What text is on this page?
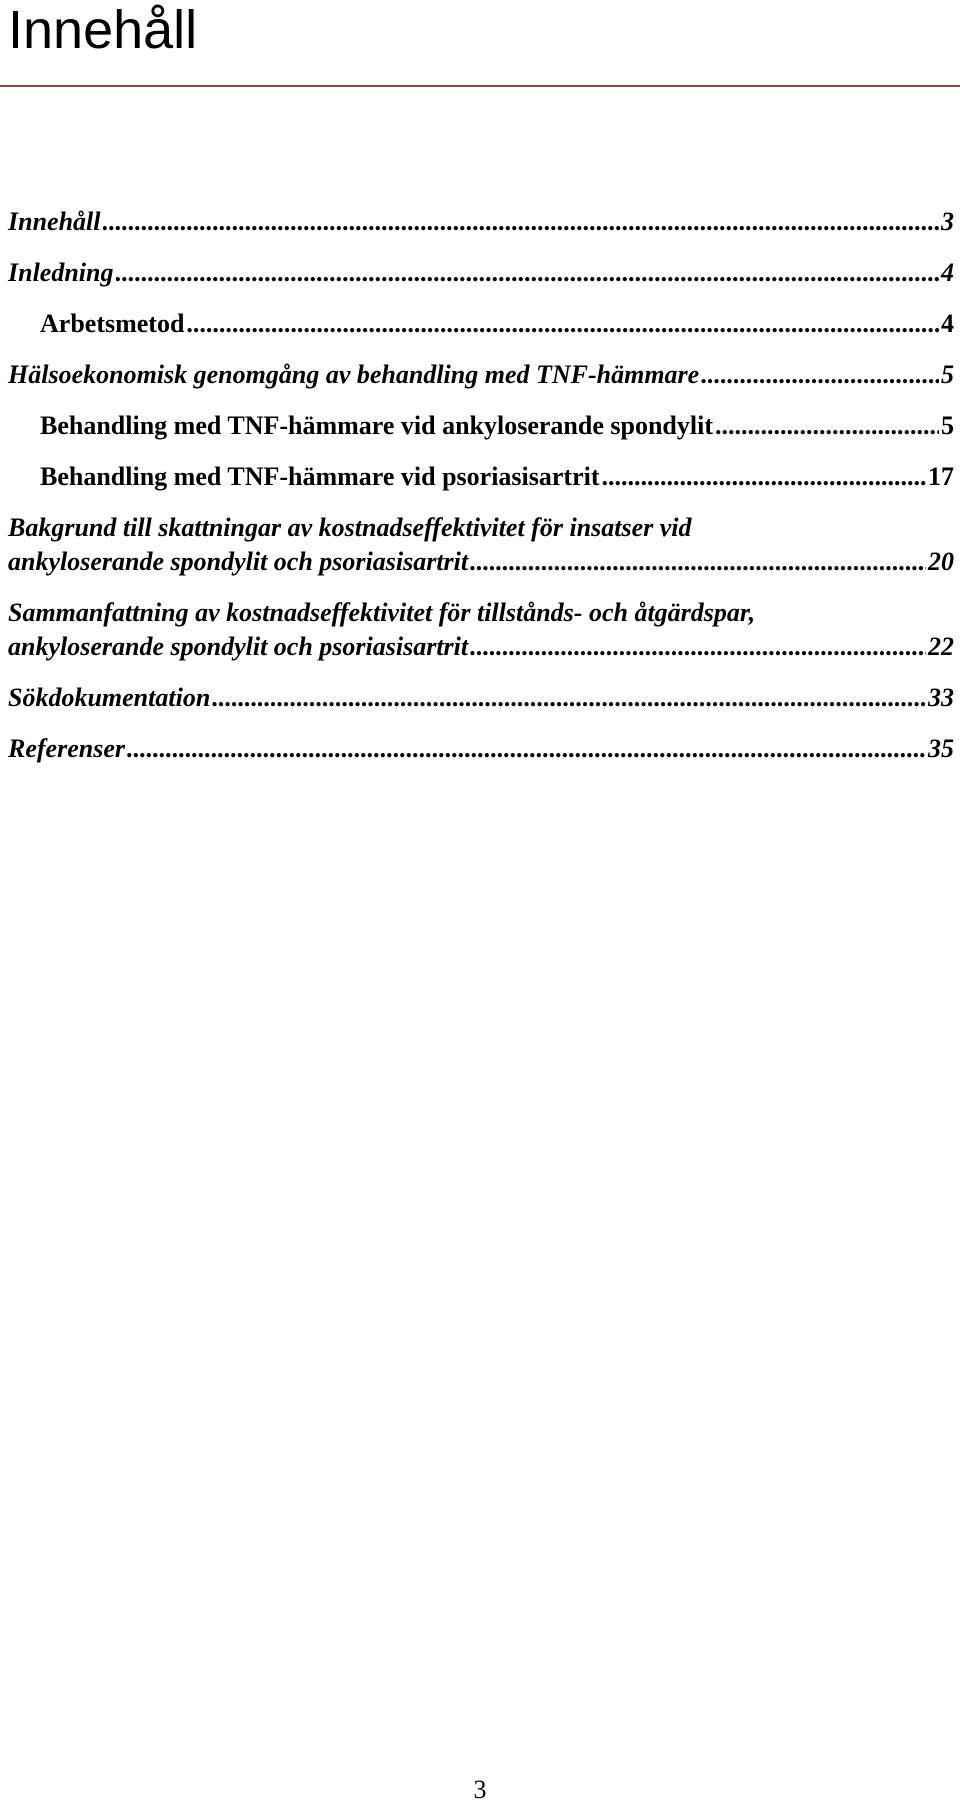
Innehåll
Innehåll .....	3
Inledning .....	4
Arbetsmetod .....	4
Hälsoekonomisk genomgång av behandling med TNF-hämmare .....	5
Behandling med TNF-hämmare vid ankyloserande spondylit .....	5
Behandling med TNF-hämmare vid psoriasisartrit .....	17
Bakgrund till skattningar av kostnadseffektivitet för insatser vid
ankyloserande spondylit och psoriasisartrit .....	20
Sammanfattning av kostnadseffektivitet för tillstånds- och åtgärdspar,
ankyloserande spondylit och psoriasisartrit .....	22
Sökdokumentation .....	33
Referenser .....	35
3
